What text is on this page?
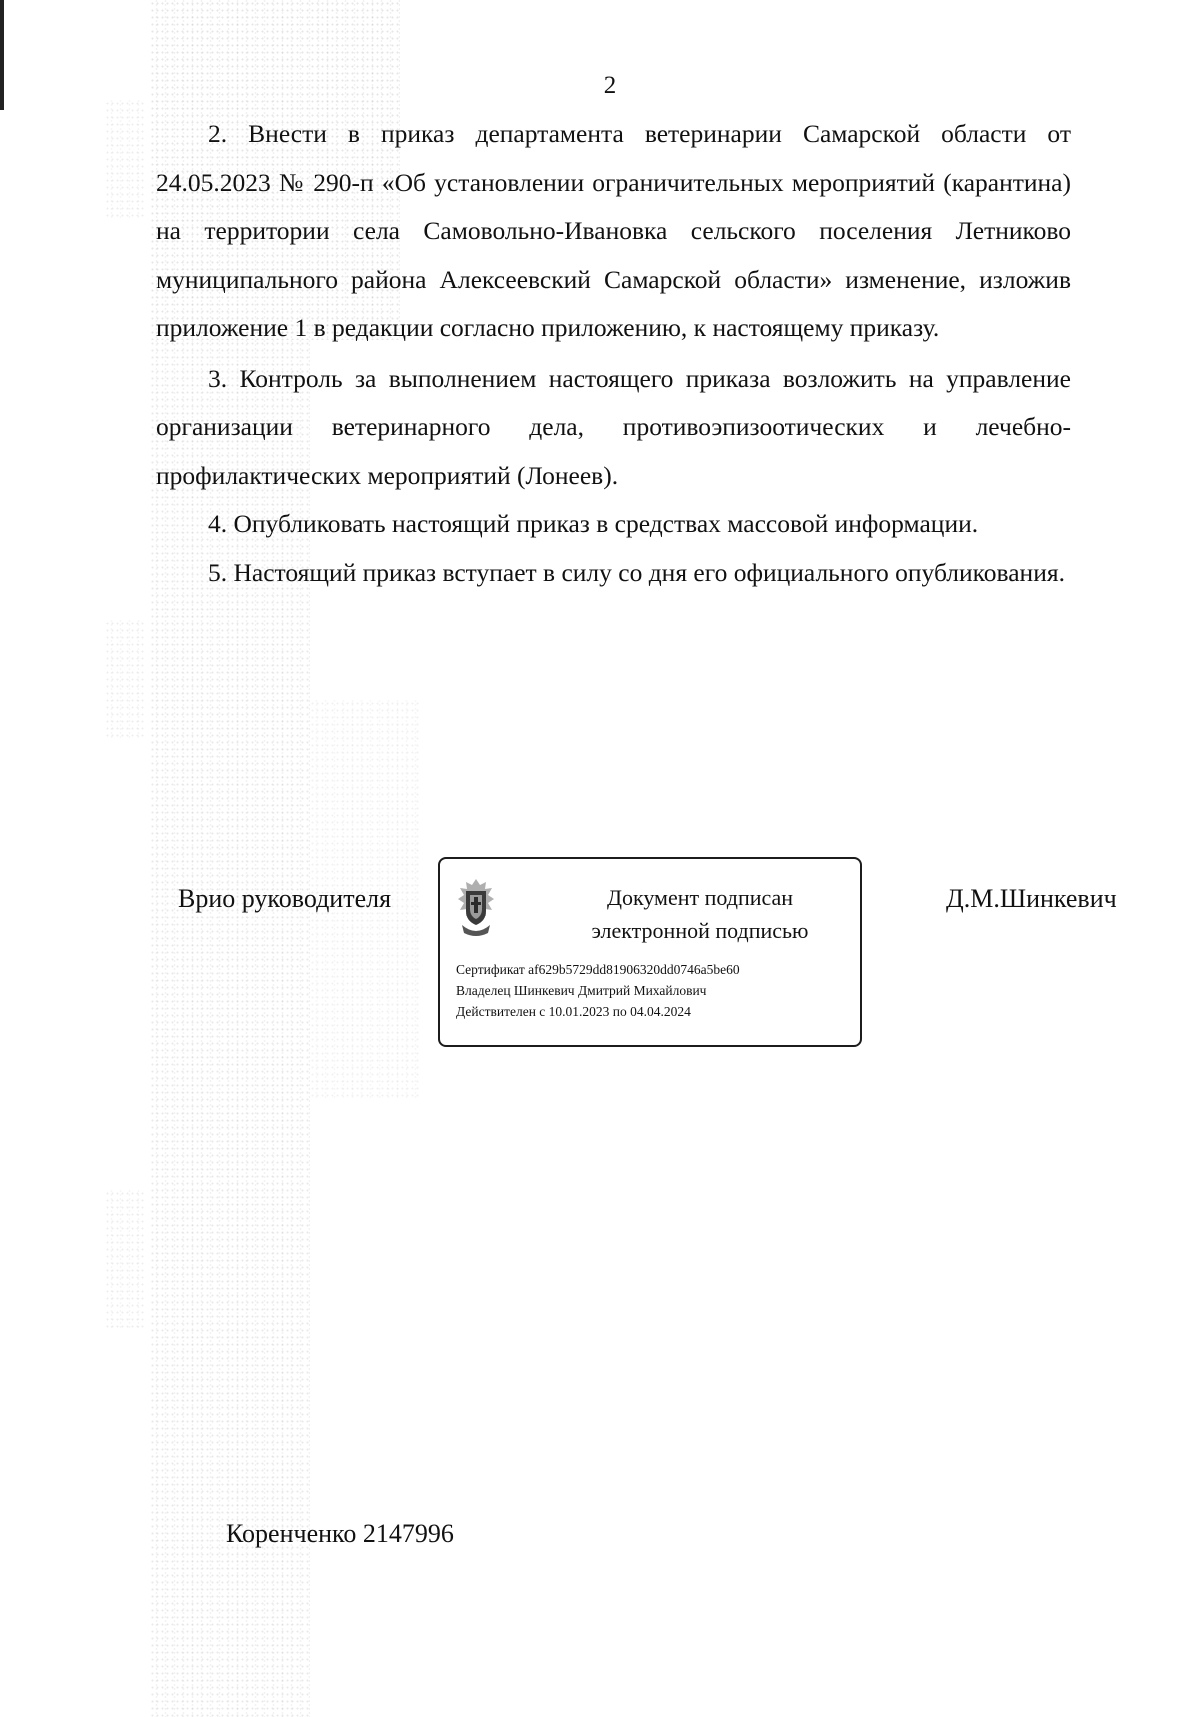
2

2. Внести в приказ департамента ветеринарии Самарской области от 24.05.2023 № 290-п «Об установлении ограничительных мероприятий (карантина) на территории села Самовольно-Ивановка сельского поселения Летниково муниципального района Алексеевский Самарской области» изменение, изложив приложение 1 в редакции согласно приложению, к настоящему приказу.

3. Контроль за выполнением настоящего приказа возложить на управление организации ветеринарного дела, противоэпизоотических и лечебно-профилактических мероприятий (Лонеев).

4. Опубликовать настоящий приказ в средствах массовой информации.

5. Настоящий приказ вступает в силу со дня его официального опубликования.

Врио руководителя	Документ подписан
электронной подписью
Сертификат af629b5729dd81906320dd0746a5be60
Владелец Шинкевич Дмитрий Михайлович
Действителен с 10.01.2023 по 04.04.2024
Д.М.Шинкевич
Коренченко 2147996
